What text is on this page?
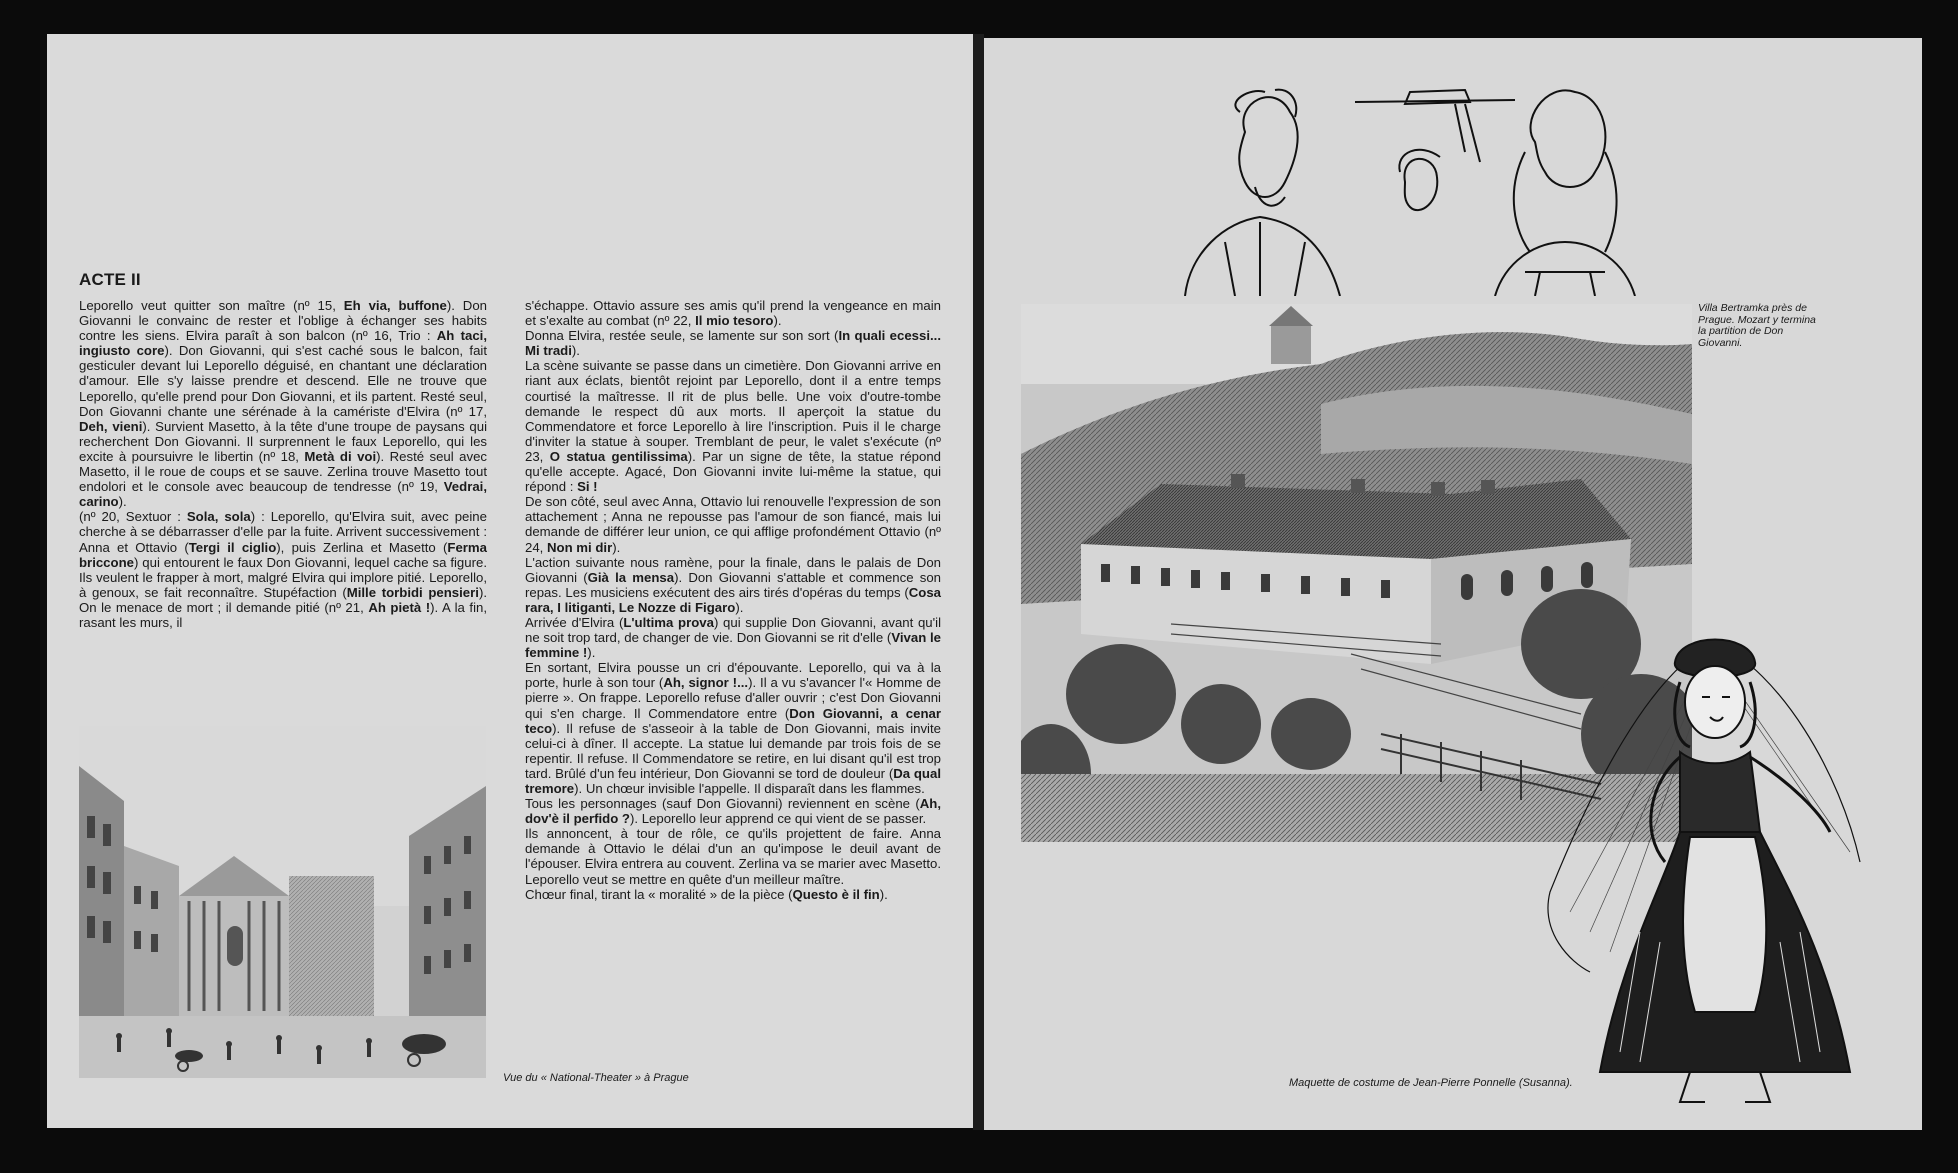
ACTE II

Leporello veut quitter son maître (nº 15, Eh via, buffone). Don Giovanni le convainc de rester et l'oblige à échanger ses habits contre les siens. Elvira paraît à son balcon (nº 16, Trio : Ah taci, ingiusto core). Don Giovanni, qui s'est caché sous le balcon, fait gesticuler devant lui Leporello déguisé, en chantant une déclaration d'amour. Elle s'y laisse prendre et descend. Elle ne trouve que Leporello, qu'elle prend pour Don Giovanni, et ils partent. Resté seul, Don Giovanni chante une sérénade à la camériste d'Elvira (nº 17, Deh, vieni). Survient Masetto, à la tête d'une troupe de paysans qui recherchent Don Giovanni. Il surprennent le faux Leporello, qui les excite à poursuivre le libertin (nº 18, Metà di voi). Resté seul avec Masetto, il le roue de coups et se sauve. Zerlina trouve Masetto tout endolori et le console avec beaucoup de tendresse (nº 19, Vedrai, carino).

(nº 20, Sextuor : Sola, sola) : Leporello, qu'Elvira suit, avec peine cherche à se débarrasser d'elle par la fuite. Arrivent successivement : Anna et Ottavio (Tergi il ciglio), puis Zerlina et Masetto (Ferma briccone) qui entourent le faux Don Giovanni, lequel cache sa figure. Ils veulent le frapper à mort, malgré Elvira qui implore pitié. Leporello, à genoux, se fait reconnaître. Stupéfaction (Mille torbidi pensieri). On le menace de mort ; il demande pitié (nº 21, Ah pietà !). A la fin, rasant les murs, il

s'échappe. Ottavio assure ses amis qu'il prend la vengeance en main et s'exalte au combat (nº 22, Il mio tesoro).

Donna Elvira, restée seule, se lamente sur son sort (In quali ecessi... Mi tradi).

La scène suivante se passe dans un cimetière. Don Giovanni arrive en riant aux éclats, bientôt rejoint par Leporello, dont il a entre temps courtisé la maîtresse. Il rit de plus belle. Une voix d'outre-tombe demande le respect dû aux morts. Il aperçoit la statue du Commendatore et force Leporello à lire l'inscription. Puis il le charge d'inviter la statue à souper. Tremblant de peur, le valet s'exécute (nº 23, O statua gentilissima). Par un signe de tête, la statue répond qu'elle accepte. Agacé, Don Giovanni invite lui-même la statue, qui répond : Si !

De son côté, seul avec Anna, Ottavio lui renouvelle l'expression de son attachement ; Anna ne repousse pas l'amour de son fiancé, mais lui demande de différer leur union, ce qui afflige profondément Ottavio (nº 24, Non mi dir).

L'action suivante nous ramène, pour la finale, dans le palais de Don Giovanni (Già la mensa). Don Giovanni s'attable et commence son repas. Les musiciens exécutent des airs tirés d'opéras du temps (Cosa rara, I litiganti, Le Nozze di Figaro).

Arrivée d'Elvira (L'ultima prova) qui supplie Don Giovanni, avant qu'il ne soit trop tard, de changer de vie. Don Giovanni se rit d'elle (Vivan le femmine !).

En sortant, Elvira pousse un cri d'épouvante. Leporello, qui va à la porte, hurle à son tour (Ah, signor !...). Il a vu s'avancer l'« Homme de pierre ». On frappe. Leporello refuse d'aller ouvrir ; c'est Don Giovanni qui s'en charge. Il Commendatore entre (Don Giovanni, a cenar teco). Il refuse de s'asseoir à la table de Don Giovanni, mais invite celui-ci à dîner. Il accepte. La statue lui demande par trois fois de se repentir. Il refuse. Il Commendatore se retire, en lui disant qu'il est trop tard. Brûlé d'un feu intérieur, Don Giovanni se tord de douleur (Da qual tremore). Un chœur invisible l'appelle. Il disparaît dans les flammes.

Tous les personnages (sauf Don Giovanni) reviennent en scène (Ah, dov'è il perfido ?). Leporello leur apprend ce qui vient de se passer.

Ils annoncent, à tour de rôle, ce qu'ils projettent de faire. Anna demande à Ottavio le délai d'un an qu'impose le deuil avant de l'épouser. Elvira entrera au couvent. Zerlina va se marier avec Masetto. Leporello veut se mettre en quête d'un meilleur maître.

Chœur final, tirant la « moralité » de la pièce (Questo è il fin).

Vue du « National-Theater » à Prague
Villa Bertramka près de Prague. Mozart y termina la partition de Don Giovanni.
Maquette de costume de Jean-Pierre Ponnelle (Susanna).
